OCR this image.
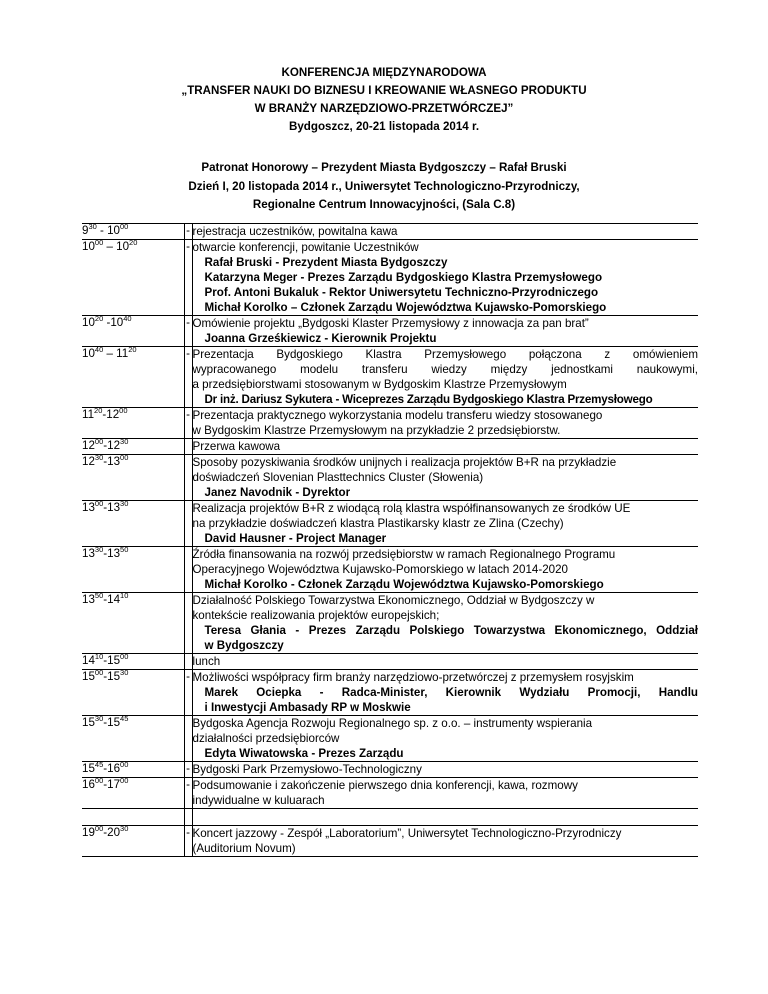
KONFERENCJA MIĘDZYNARODOWA
„TRANSFER NAUKI DO BIZNESU I KREOWANIE WŁASNEGO PRODUKTU
W BRANŻY NARZĘDZIOWO-PRZETWÓRCZEJ”
Bydgoszcz, 20-21 listopada 2014 r.
Patronat Honorowy – Prezydent Miasta Bydgoszczy – Rafał Bruski
Dzień I, 20 listopada 2014 r., Uniwersytet Technologiczno-Przyrodniczy,
Regionalne Centrum Innowacyjności, (Sala C.8)
$9^{30} - 10^{00}$	-	rejestracja uczestników, powitalna kawa

$10^{00} - 10^{20}$	-	otwarcie konferencji, powitanie Uczestników
Rafał Bruski - Prezydent Miasta Bydgoszczy
Katarzyna Meger - Prezes Zarządu Bydgoskiego Klastra Przemysłowego
Prof. Antoni Bukaluk - Rektor Uniwersytetu Techniczno-Przyrodniczego
Michał Korolko – Członek Zarządu Województwa Kujawsko-Pomorskiego

$10^{20}$ $-10^{40}$	-	Omówienie projektu „Bydgoski Klaster Przemysłowy z innowacja za pan brat”
Joanna Grześkiewicz - Kierownik Projektu

$10^{40} - 11^{20}$	-	Prezentacja Bydgoskiego Klastra Przemysłowego połączona z omówieniem
wypracowanego modelu transferu wiedzy między jednostkami naukowymi,
a przedsiębiorstwami stosowanym w Bydgoskim Klastrze Przemysłowym
Dr inż. Dariusz Sykutera - Wiceprezes Zarządu Bydgoskiego Klastra Przemysłowego

$11^{20}-12^{00}$	-	Prezentacja praktycznego wykorzystania modelu transferu wiedzy stosowanego
w Bydgoskim Klastrze Przemysłowym na przykładzie 2 przedsiębiorstw.

$12^{00}-12^{30}$		Przerwa kawowa

$12^{30}-13^{00}$		Sposoby pozyskiwania środków unijnych i realizacja projektów B+R na przykładzie
doświadczeń Slovenian Plasttechnics Cluster (Słowenia)
Janez Navodnik - Dyrektor

$13^{00}-13^{30}$		Realizacja projektów B+R z wiodącą rolą klastra współfinansowanych ze środków UE
na przykładzie doświadczeń klastra Plastikarsky klastr ze Zlina (Czechy)
David Hausner - Project Manager

$13^{30}-13^{50}$		Źródła finansowania na rozwój przedsiębiorstw w ramach Regionalnego Programu
Operacyjnego Województwa Kujawsko-Pomorskiego w latach 2014-2020
Michał Korolko - Członek Zarządu Województwa Kujawsko-Pomorskiego

$13^{50}-14^{10}$		Działalność Polskiego Towarzystwa Ekonomicznego, Oddział w Bydgoszczy w
kontekście realizowania projektów europejskich;
Teresa Głania - Prezes Zarządu Polskiego Towarzystwa Ekonomicznego, Oddział
w Bydgoszczy

$14^{10}-15^{00}$		lunch

$15^{00}-15^{30}$	-	Możliwości współpracy firm branży narzędziowo-przetwórczej z przemysłem rosyjskim
Marek Ociepka - Radca-Minister, Kierownik Wydziału Promocji, Handlu
i Inwestycji Ambasady RP w Moskwie

$15^{30}-15^{45}$		Bydgoska Agencja Rozwoju Regionalnego sp. z o.o. – instrumenty wspierania
działalności przedsiębiorców
Edyta Wiwatowska - Prezes Zarządu

$15^{45}-16^{00}$	-	Bydgoski Park Przemysłowo-Technologiczny

$16^{00}-17^{00}$	-	Podsumowanie i zakończenie pierwszego dnia konferencji, kawa, rozmowy
indywidualne w kuluarach

$19^{00}-20^{30}$	-	Koncert jazzowy - Zespół „Laboratorium”, Uniwersytet Technologiczno-Przyrodniczy
(Auditorium Novum)
